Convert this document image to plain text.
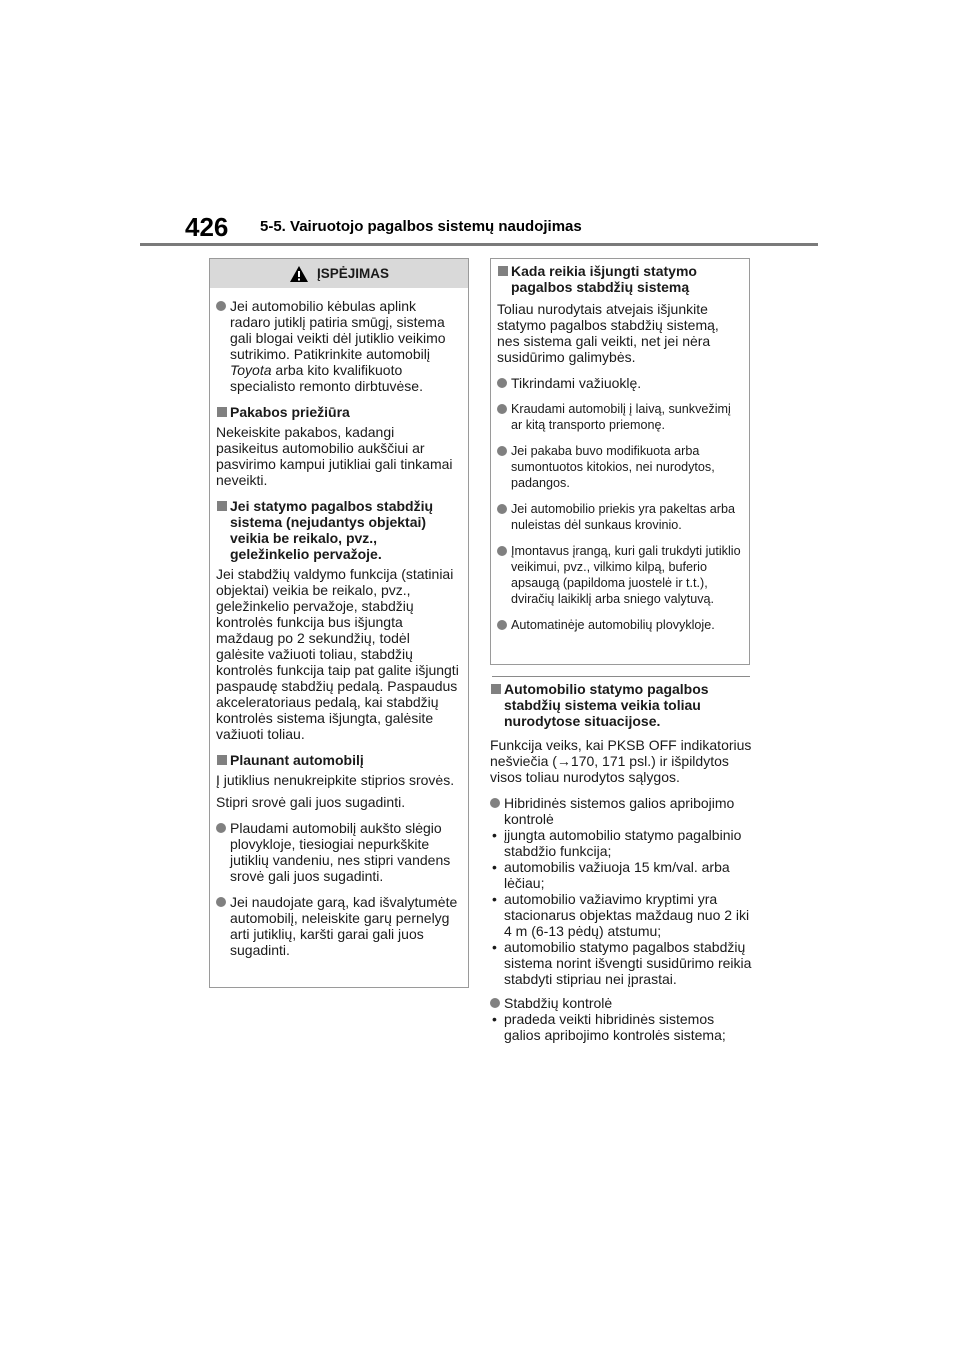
426 5-5. Vairuotojo pagalbos sistemų naudojimas
ĮSPĖJIMAS

Jei automobilio kėbulas aplink radaro jutiklį patiria smūgį, sistema gali blogai veikti dėl jutiklio veikimo sutrikimo. Patikrinkite automobilį Toyota arba kito kvalifikuoto specialisto remonto dirbtuvėse.

Pakabos priežiūra

Nekeiskite pakabos, kadangi pasikeitus automobilio aukščiui ar pasvirimo kampui jutikliai gali tinkamai neveikti.

Jei statymo pagalbos stabdžių sistema (nejudantys objektai) veikia be reikalo, pvz., geležinkelio pervažoje.

Jei stabdžių valdymo funkcija (statiniai objektai) veikia be reikalo, pvz., geležinkelio pervažoje, stabdžių kontrolės funkcija bus išjungta maždaug po 2 sekundžių, todėl galėsite važiuoti toliau, stabdžių kontrolės funkcija taip pat galite išjungti paspaudę stabdžių pedalą. Paspaudus akceleratoriaus pedalą, kai stabdžių kontrolės sistema išjungta, galėsite važiuoti toliau.

Plaunant automobilį

Į jutiklius nenukreipkite stiprios srovės.

Stipri srovė gali juos sugadinti.

Plaudami automobilį aukšto slėgio plovykloje, tiesiogiai nepurkškite jutiklių vandeniu, nes stipri vandens srovė gali juos sugadinti.

Jei naudojate garą, kad išvalytumėte automobilį, neleiskite garų pernelyg arti jutiklių, karšti garai gali juos sugadinti.

Kada reikia išjungti statymo pagalbos stabdžių sistemą

Toliau nurodytais atvejais išjunkite statymo pagalbos stabdžių sistemą, nes sistema gali veikti, net jei nėra susidūrimo galimybės.

Tikrindami važiuoklę.

Kraudami automobilį į laivą, sunkvežimį ar kitą transporto priemonę.

Jei pakaba buvo modifikuota arba sumontuotos kitokios, nei nurodytos, padangos.

Jei automobilio priekis yra pakeltas arba nuleistas dėl sunkaus krovinio.

Įmontavus įrangą, kuri gali trukdyti jutiklio veikimui, pvz., vilkimo kilpą, buferio apsaugą (papildoma juostelė ir t.t.), dviračių laikiklį arba sniego valytuvą.

Automatinėje automobilių plovykloje.

Automobilio statymo pagalbos stabdžių sistema veikia toliau nurodytose situacijose.

Funkcija veiks, kai PKSB OFF indikatorius nešviečia (→170, 171 psl.) ir išpildytos visos toliau nurodytos sąlygos.

Hibridinės sistemos galios apribojimo kontrolė

• įjungta automobilio statymo pagalbinio stabdžio funkcija;

• automobilis važiuoja 15 km/val. arba lėčiau;

• automobilio važiavimo kryptimi yra stacionarus objektas maždaug nuo 2 iki 4 m (6-13 pėdų) atstumu;

• automobilio statymo pagalbos stabdžių sistema norint išvengti susidūrimo reikia stabdyti stipriau nei įprastai.

Stabdžių kontrolė

• pradeda veikti hibridinės sistemos galios apribojimo kontrolės sistema;
